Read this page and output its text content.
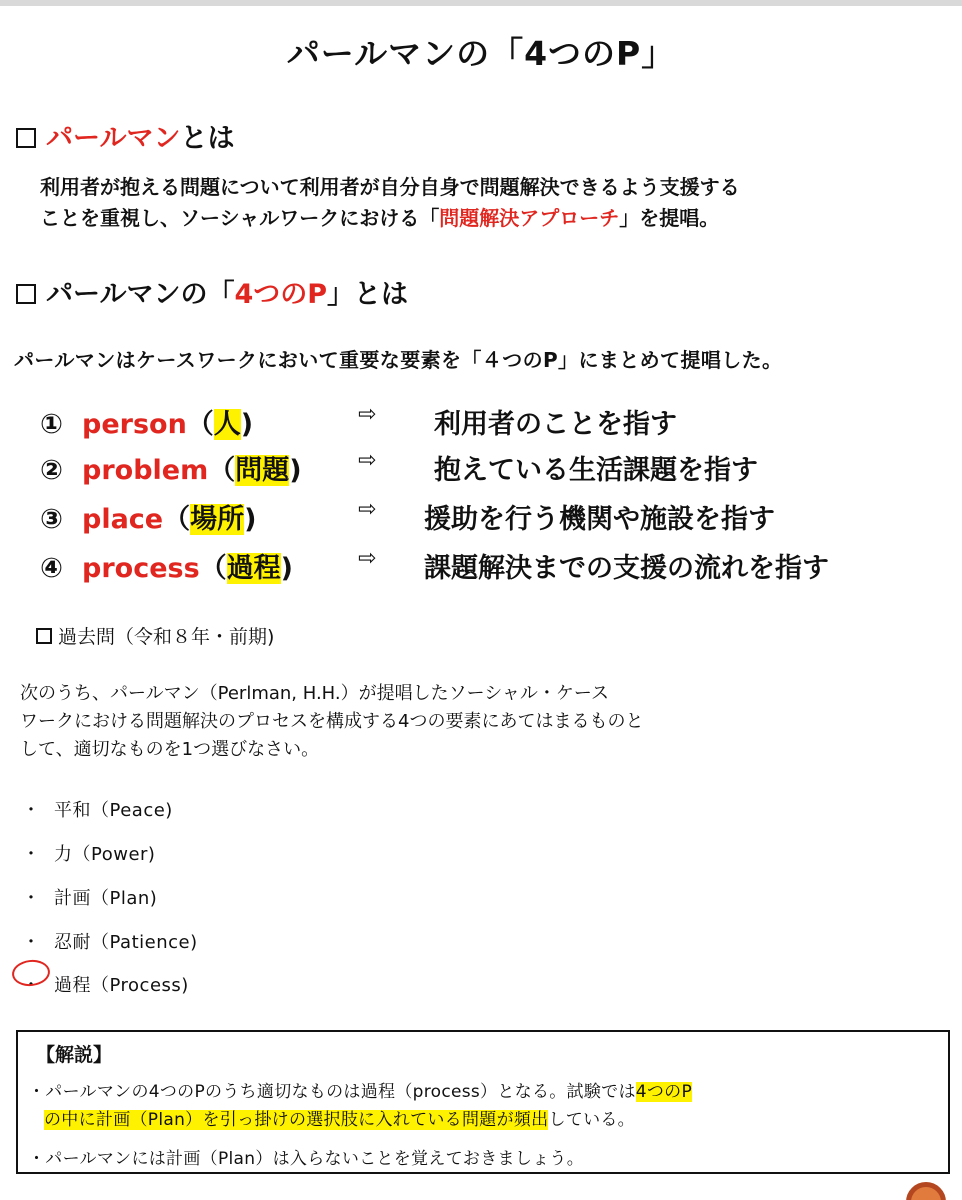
パールマンの「4つのP」
パールマンとは
利用者が抱える問題について利用者が自分自身で問題解決できるよう支援する
ことを重視し、ソーシャルワークにおける「問題解決アプローチ」を提唱。
パールマンの「4つのP」とは
パールマンはケースワークにおいて重要な要素を「４つのP」にまとめて提唱した。
① person（人)	⇨ 利用者のことを指す
② problem（問題)	⇨ 抱えている生活課題を指す
③ place（場所)	⇨ 援助を行う機関や施設を指す
④ process（過程)	⇨ 課題解決までの支援の流れを指す
過去問（令和８年・前期)
次のうち、パールマン（Perlman, H.H.）が提唱したソーシャル・ケース
ワークにおける問題解決のプロセスを構成する4つの要素にあてはまるものと
して、適切なものを1つ選びなさい。
・ 平和（Peace)
・ 力（Power)
・ 計画（Plan)
・ 忍耐（Patience)
・ 過程（Process)
【解説】
・パールマンの4つのPのうち適切なものは過程（process）となる。試験では4つのP
の中に計画（Plan）を引っ掛けの選択肢に入れている問題が頻出している。
・パールマンには計画（Plan）は入らないことを覚えておきましょう。
